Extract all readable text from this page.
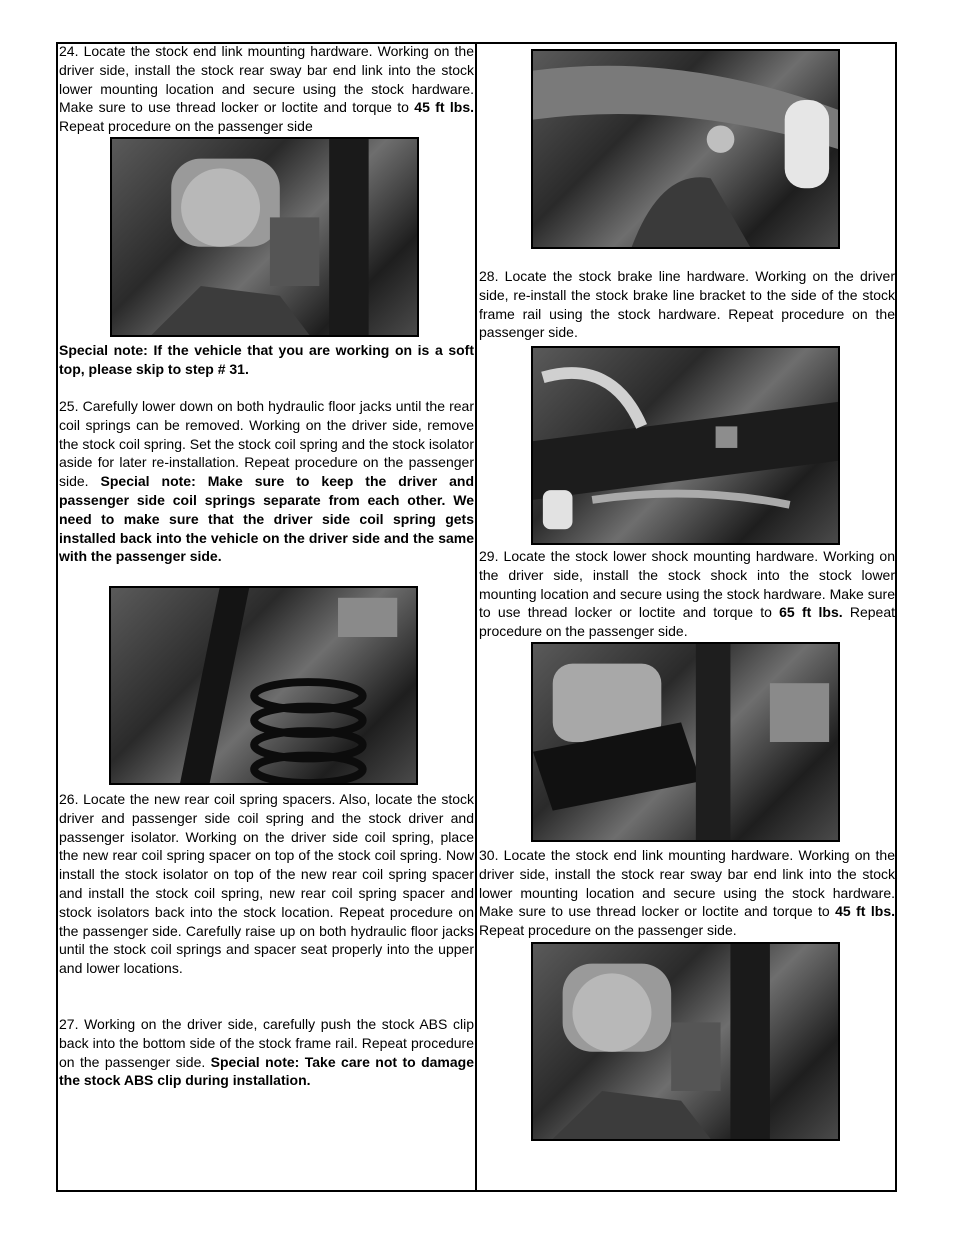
24. Locate the stock end link mounting hardware. Working on the driver side, install the stock rear sway bar end link into the stock lower mounting location and secure using the stock hardware. Make sure to use thread locker or loctite and torque to 45 ft lbs. Repeat procedure on the passenger side

Special note: If the vehicle that you are working on is a soft top, please skip to step # 31.

25. Carefully lower down on both hydraulic floor jacks until the rear coil springs can be removed. Working on the driver side, remove the stock coil spring. Set the stock coil spring and the stock isolator aside for later re-installation. Repeat procedure on the passenger side. Special note: Make sure to keep the driver and passenger side coil springs separate from each other. We need to make sure that the driver side coil spring gets installed back into the vehicle on the driver side and the same with the passenger side.

26. Locate the new rear coil spring spacers. Also, locate the stock driver and passenger side coil spring and the stock driver and passenger isolator. Working on the driver side coil spring, place the new rear coil spring spacer on top of the stock coil spring. Now install the stock isolator on top of the new rear coil spring spacer and install the stock coil spring, new rear coil spring spacer and stock isolators back into the stock location. Repeat procedure on the passenger side. Carefully raise up on both hydraulic floor jacks until the stock coil springs and spacer seat properly into the upper and lower locations.

27. Working on the driver side, carefully push the stock ABS clip back into the bottom side of the stock frame rail. Repeat procedure on the passenger side. Special note: Take care not to damage the stock ABS clip during installation.

28. Locate the stock brake line hardware. Working on the driver side, re-install the stock brake line bracket to the side of the stock frame rail using the stock hardware. Repeat procedure on the passenger side.

29. Locate the stock lower shock mounting hardware. Working on the driver side, install the stock shock into the stock lower mounting location and secure using the stock hardware. Make sure to use thread locker or loctite and torque to 65 ft lbs. Repeat procedure on the passenger side.

30. Locate the stock end link mounting hardware. Working on the driver side, install the stock rear sway bar end link into the stock lower mounting location and secure using the stock hardware. Make sure to use thread locker or loctite and torque to 45 ft lbs. Repeat procedure on the passenger side.
